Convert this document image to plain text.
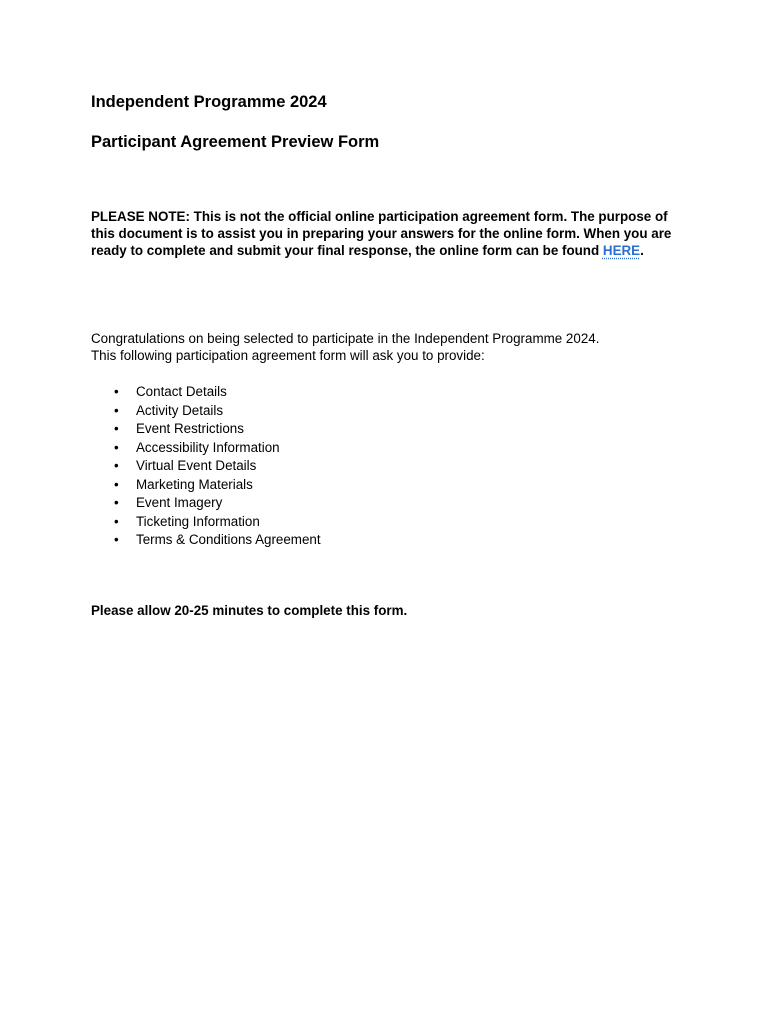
Independent Programme 2024
Participant Agreement Preview Form

PLEASE NOTE: This is not the official online participation agreement form. The purpose of this document is to assist you in preparing your answers for the online form. When you are ready to complete and submit your final response, the online form can be found HERE.

Congratulations on being selected to participate in the Independent Programme 2024.
This following participation agreement form will ask you to provide:

• Contact Details
• Activity Details
• Event Restrictions
• Accessibility Information
• Virtual Event Details
• Marketing Materials
• Event Imagery
• Ticketing Information
• Terms & Conditions Agreement

Please allow 20-25 minutes to complete this form.
